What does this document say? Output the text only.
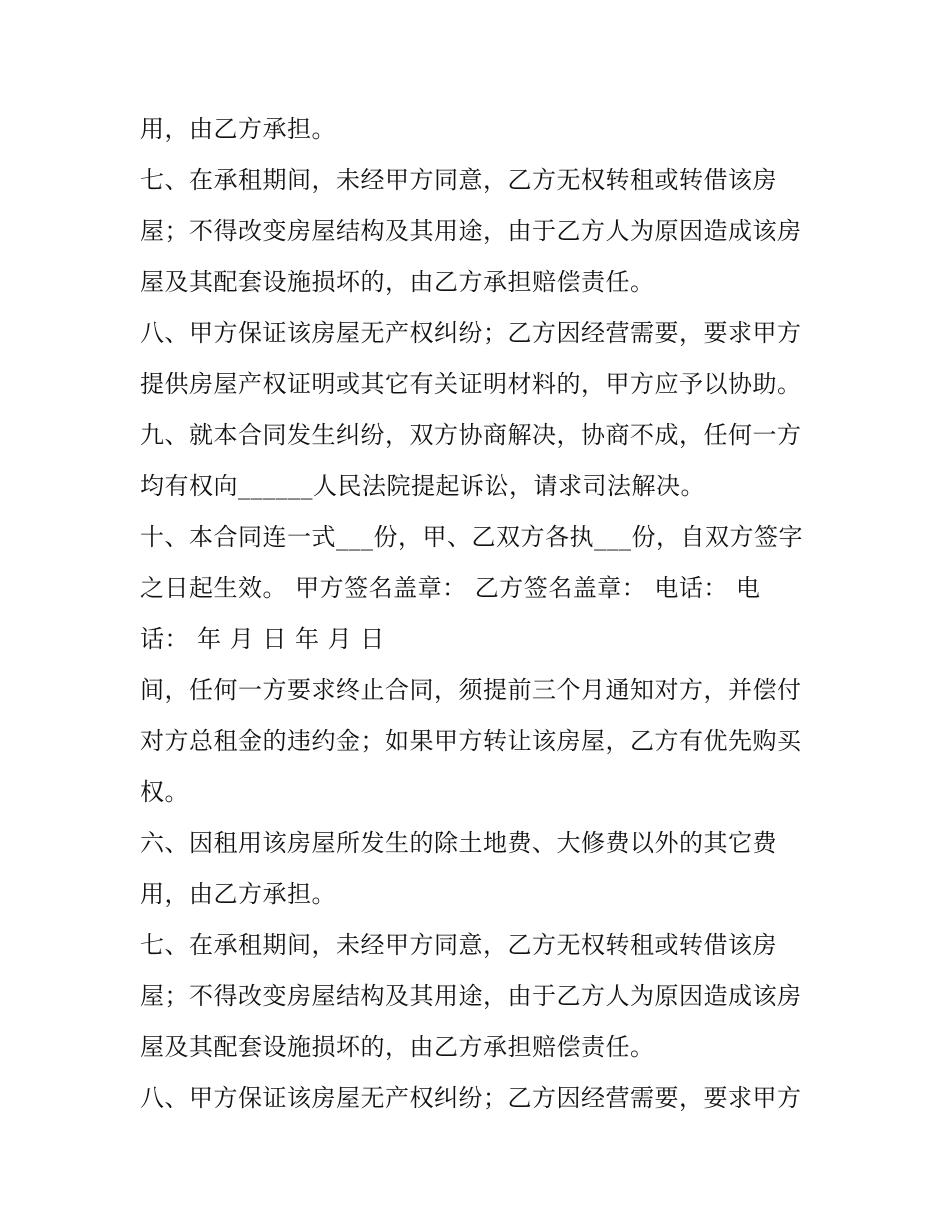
用，由乙方承担。
七、在承租期间，未经甲方同意，乙方无权转租或转借该房
屋；不得改变房屋结构及其用途，由于乙方人为原因造成该房
屋及其配套设施损坏的，由乙方承担赔偿责任。
八、甲方保证该房屋无产权纠纷；乙方因经营需要，要求甲方
提供房屋产权证明或其它有关证明材料的，甲方应予以协助。
九、就本合同发生纠纷，双方协商解决，协商不成，任何一方
均有权向______人民法院提起诉讼，请求司法解决。
十、本合同连一式___份，甲、乙双方各执___份，自双方签字
之日起生效。 甲方签名盖章： 乙方签名盖章： 电话： 电
话： 年 月 日 年 月 日
间，任何一方要求终止合同，须提前三个月通知对方，并偿付
对方总租金的违约金；如果甲方转让该房屋，乙方有优先购买
权。
六、因租用该房屋所发生的除土地费、大修费以外的其它费
用，由乙方承担。
七、在承租期间，未经甲方同意，乙方无权转租或转借该房
屋；不得改变房屋结构及其用途，由于乙方人为原因造成该房
屋及其配套设施损坏的，由乙方承担赔偿责任。
八、甲方保证该房屋无产权纠纷；乙方因经营需要，要求甲方
